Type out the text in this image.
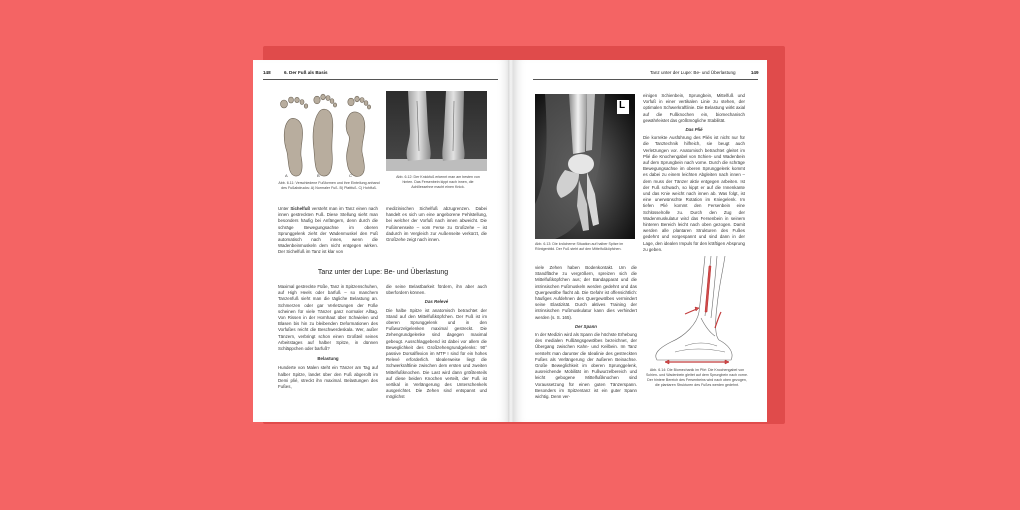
148	6. Der Fuß als Basis
A	B	C
Abb. 6.11: Verschiedene Fußformen und ihre Einteilung anhand des Fußabdrucks: A) Normaler Fuß. B) Plattfuß. C) Hohlfuß.
Abb. 6.12: Der Knickfuß erkennt man am besten von hinten. Das Fersenbein kippt nach innen, die Achillessehne macht einen Knick.

Unter Sichelfuß versteht man im Tanz einen nach innen gestreckten Fuß. Diese Stellung sieht man besonders häufig bei Anfängern, denn durch die schräge Bewegungsachse im oberen Sprunggelenk zieht der Wadenmuskel den Fuß automatisch nach innen, wenn die Wadenbeinmuskeln dem nicht entgegen wirken. Der Sichelfuß im Tanz ist klar von

medizinischen Sichelfuß abzugrenzen. Dabei handelt es sich um eine angeborene Fehlstellung, bei welcher der Vorfuß nach innen abweicht. Die Fußinnenseite – vom Ferse zu Großzehe – ist dadurch im Vergleich zur Außenseite verkürzt, die Großzehe zeigt nach innen.

Tanz unter der Lupe: Be- und Überlastung

Maximal gestreckte Füße, Tanz in Spitzenschuhen, auf High Heels oder barfuß – so manchem Tanzenfuß sieht man die tägliche Belastung an. Schmerzen oder gar Verletzungen der Füße scheinen für viele Tänzer ganz normaler Alltag. Von Rissen in der Hornhaut über Schwielen und Blasen bis hin zu bleibenden Deformationen des Vorfußes reicht die Beschwerdeskala. Wer, außer Tänzern, verbringt schon einen Großteil seines Arbeitstages auf halber Spitze, in dünnen Schläppchen oder barfuß?

Belastung

Hunderte von Malen steht ein Tänzer am Tag auf halber Spitze, landet über den Fuß abgerollt im Demi plié, streckt ihn maximal. Belastungen des Fußes,

die seine Belastbarkeit fördern, ihn aber auch überfordern können.

Das Relevé

Die halbe Spitze ist anatomisch betrachtet der Stand auf den Mittelfußköpfchen. Der Fuß ist im oberen Sprunggelenk und in den Fußwurzelgelenken maximal gestreckt. Die Zehengrundgelenke sind dagegen maximal gebeugt. Ausschlaggebend ist dabei vor allem die Beweglichkeit des Großzehengrundgelenks: 90° passive Dorsalflexion im MTP I sind für ein hohes Relevé erforderlich. Idealerweise liegt die Schwerkraftlinie zwischen dem ersten und zweiten Mittelfußknochen. Die Last wird dann größtenteils auf diese beiden Knochen verteilt, der Fuß ist vertikal in Verlängerung des Unterschenkels ausgerichtet. Die Zehen sind entspannt und möglichst

Tanz unter der Lupe: Be- und Überlastung	149
L
Abb. 6.13: Die knöcherne Situation auf halber Spitze im Röntgenbild. Der Fuß steht auf den Mittelfußköpfchen.

einigen Schienbein, Sprungbein, Mittelfuß und Vorfuß in einer vertikalen Linie zu stehen, der optimalen Schwerkraftlinie. Die Belastung wirkt axial auf die Fußknochen ein, biomechanisch gewährleistet das größtmögliche Stabilität.

Das Plié

Die korrekte Ausführung des Pliés ist nicht nur für die Tanztechnik hilfreich, sie beugt auch Verletzungen vor. Anatomisch betrachtet gleitet im Plié die Knochengabel von Schien- und Wadenbein auf dem Sprungbein nach vorne. Durch die schräge Bewegungsachse im oberen Sprunggelenk kommt es dabei zu einem leichten Abgleiten nach innen – dem muss der Tänzer aktiv entgegen arbeiten. Ist der Fuß schwach, so kippt er auf die Innenkante und das Knie weicht nach innen ab. Was folgt, ist eine unerwünschte Rotation im Kniegelenk. Im tiefen Plié kommt den Fersenbein eine Schlüsselrolle zu. Durch den Zug der Wadenmuskulatur wird das Fersenbein in seinem hinteren Bereich leicht nach oben gezogen. Damit werden alle plantaren Strukturen des Fußes gedehnt und vorgespannt und sind dann in der Lage, den idealen Impuls für den kräftigen Absprung zu geben.

viele Zehen haben Bodenkontakt. Um die Standfläche zu vergrößern, spreizen sich die Mittelfußköpfchen aus; der Bandapparat und die intrinsischen Fußmuskeln werden gedehnt und das Quergewölbe flacht ab. Die Gefahr ist offensichtlich: häufiges Aufdehnen des Quergewölbes vermindert seine Elastizität. Durch aktives Training der intrinsischen Fußmuskulatur kann dies verhindert werden (s. S. 165).

Der Spann

In der Medizin wird als Spann die höchste Erhebung des medialen Fußlängsgewölbes bezeichnet, der Übergang zwischen Kahn- und Keilbein. Im Tanz versteht man darunter die Idealinie des gestreckten Fußes als Verlängerung der äußeren Beinachse. Große Beweglichkeit im oberen Sprunggelenk, ausreichende Mobilität im Fußwurzelbereich und leicht gebogene Mittelfußknochen sind Voraussetzung für einen guten Tänzerspann. Besonders im Spitzentanz ist ein guter Spann wichtig. Denn ver-

Abb. 6.14: Die Biomechanik im Plié: Die Knochengabel von Schien- und Wadenbein gleitet auf dem Sprungbein nach vorne. Der hintere Bereich des Fersenbeins wird nach oben gezogen, die plantaren Strukturen des Fußes werden gedehnt.
